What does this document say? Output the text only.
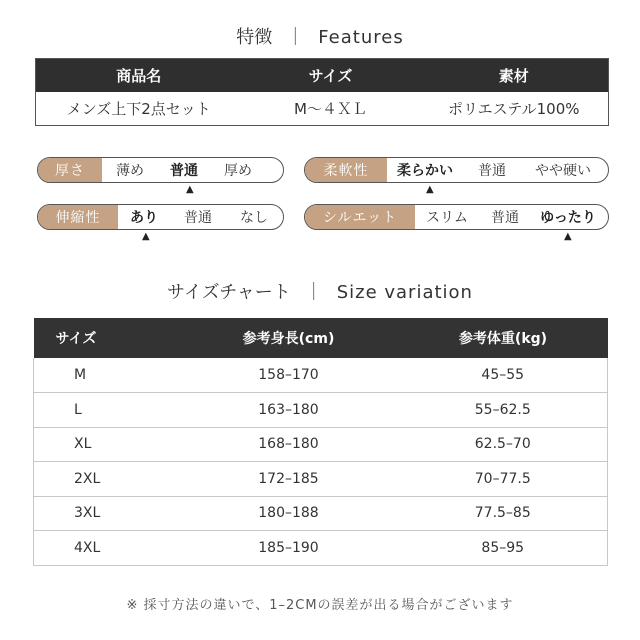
特徴 ｜ Features
商品名	サイズ	素材
メンズ上下2点セット	M～４ＸＬ	ポリエステル100%
厚さ	薄め	普通	厚め
▲
柔軟性	柔らかい	普通	やや硬い
▲
伸縮性	あり	普通	なし
▲
シルエット	スリム	普通	ゆったり
▲
サイズチャート ｜ Size variation
サイズ	参考身長(cm)	参考体重(kg)
M	158–170	45–55
L	163–180	55–62.5
XL	168–180	62.5–70
2XL	172–185	70–77.5
3XL	180–188	77.5–85
4XL	185–190	85–95
※ 採寸方法の違いで、1–2CMの誤差が出る場合がございます
